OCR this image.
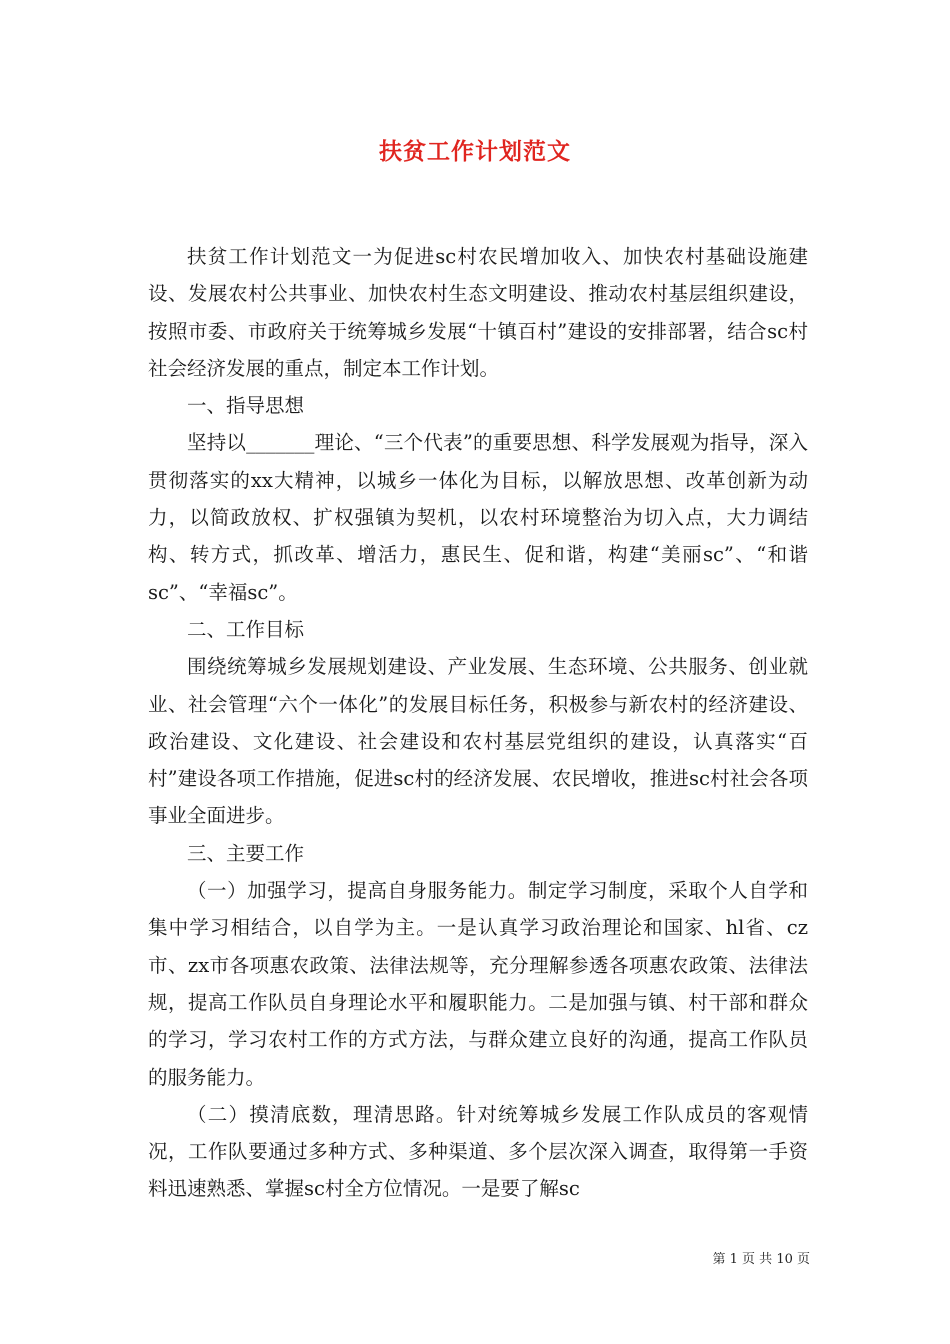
扶贫工作计划范文

扶贫工作计划范文一为促进sc村农民增加收入、加快农村基础设施建设、发展农村公共事业、加快农村生态文明建设、推动农村基层组织建设，按照市委、市政府关于统筹城乡发展“十镇百村”建设的安排部署，结合sc村社会经济发展的重点，制定本工作计划。

一、指导思想

坚持以_______理论、“三个代表”的重要思想、科学发展观为指导，深入贯彻落实的xx大精神，以城乡一体化为目标，以解放思想、改革创新为动力，以简政放权、扩权强镇为契机，以农村环境整治为切入点，大力调结构、转方式，抓改革、增活力，惠民生、促和谐，构建“美丽sc”、“和谐sc”、“幸福sc”。

二、工作目标

围绕统筹城乡发展规划建设、产业发展、生态环境、公共服务、创业就业、社会管理“六个一体化”的发展目标任务，积极参与新农村的经济建设、政治建设、文化建设、社会建设和农村基层党组织的建设，认真落实“百村”建设各项工作措施，促进sc村的经济发展、农民增收，推进sc村社会各项事业全面进步。

三、主要工作

（一）加强学习，提高自身服务能力。制定学习制度，采取个人自学和集中学习相结合，以自学为主。一是认真学习政治理论和国家、hl省、cz市、zx市各项惠农政策、法律法规等，充分理解参透各项惠农政策、法律法规，提高工作队员自身理论水平和履职能力。二是加强与镇、村干部和群众的学习，学习农村工作的方式方法，与群众建立良好的沟通，提高工作队员的服务能力。

（二）摸清底数，理清思路。针对统筹城乡发展工作队成员的客观情况，工作队要通过多种方式、多种渠道、多个层次深入调查，取得第一手资料迅速熟悉、掌握sc村全方位情况。一是要了解sc

第 1 页 共 10 页
